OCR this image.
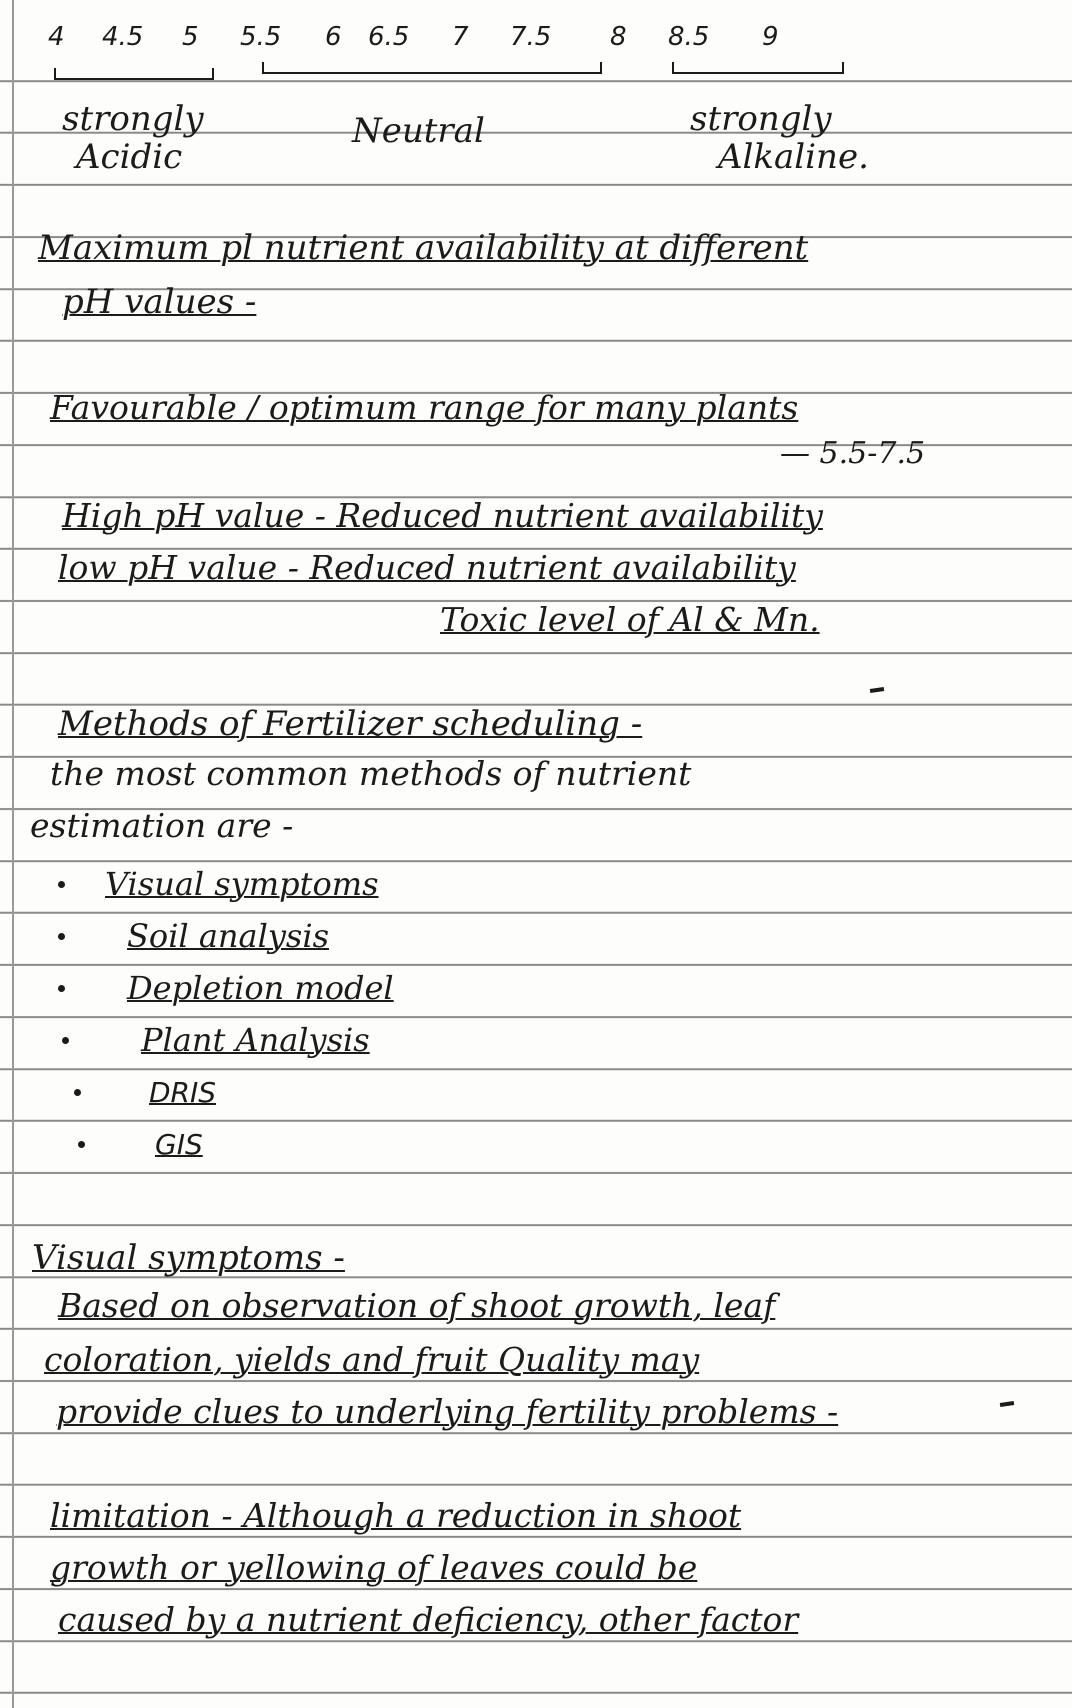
4 4.5 5 5.5 6 6.5 7 7.5 8 8.5 9
strongly
Acidic
Neutral	strongly
Alkaline.
Maximum pl nutrient availability at different
pH values -
Favourable / optimum range for many plants
— 5.5-7.5
High pH value - Reduced nutrient availability
low pH value - Reduced nutrient availability
Toxic level of Al & Mn.
Methods of Fertilizer scheduling -
the most common methods of nutrient
estimation are -
Visual symptoms
Soil analysis
Depletion model
Plant Analysis
DRIS
GIS
Visual symptoms -
Based on observation of shoot growth, leaf
coloration, yields and fruit Quality may
provide clues to underlying fertility problems -
limitation - Although a reduction in shoot
growth or yellowing of leaves could be
caused by a nutrient deficiency, other factor
